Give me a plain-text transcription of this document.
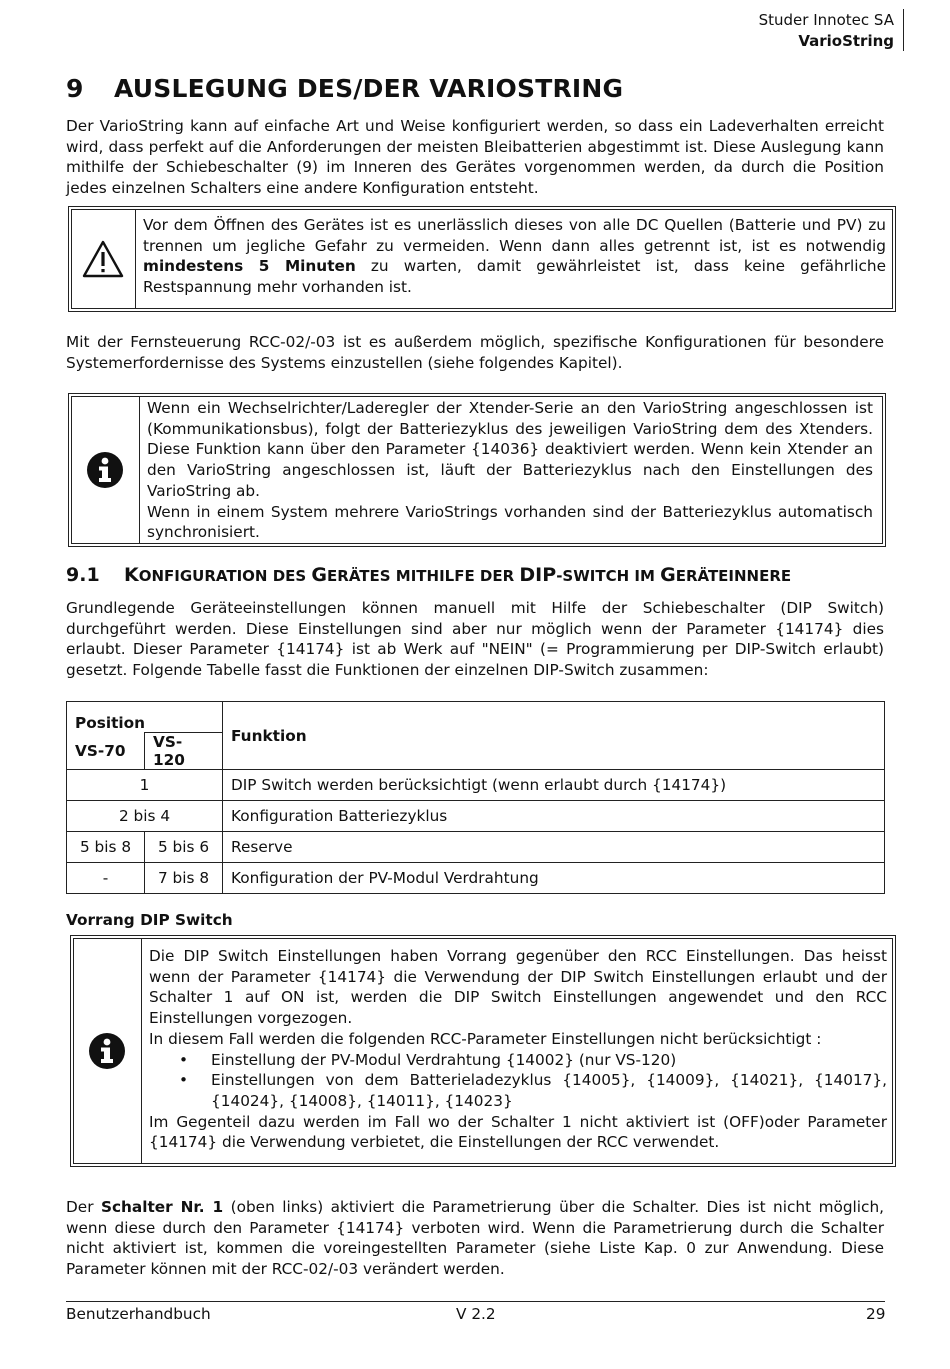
Studer Innotec SA
VarioString
9 AUSLEGUNG DES/DER VARIOSTRING

Der VarioString kann auf einfache Art und Weise konfiguriert werden, so dass ein Ladeverhalten erreicht wird, dass perfekt auf die Anforderungen der meisten Bleibatterien abgestimmt ist. Diese Auslegung kann mithilfe der Schiebeschalter (9) im Inneren des Gerätes vorgenommen werden, da durch die Position jedes einzelnen Schalters eine andere Konfiguration entsteht.

Vor dem Öffnen des Gerätes ist es unerlässlich dieses von alle DC Quellen (Batterie und PV) zu trennen um jegliche Gefahr zu vermeiden. Wenn dann alles getrennt ist, ist es notwendig mindestens 5 Minuten zu warten, damit gewährleistet ist, dass keine gefährliche Restspannung mehr vorhanden ist.

Mit der Fernsteuerung RCC-02/-03 ist es außerdem möglich, spezifische Konfigurationen für besondere Systemerfordernisse des Systems einzustellen (siehe folgendes Kapitel).

Wenn ein Wechselrichter/Laderegler der Xtender-Serie an den VarioString angeschlossen ist (Kommunikationsbus), folgt der Batteriezyklus des jeweiligen VarioString dem des Xtenders. Diese Funktion kann über den Parameter {14036} deaktiviert werden. Wenn kein Xtender an den VarioString angeschlossen ist, läuft der Batteriezyklus nach den Einstellungen des VarioString ab.
Wenn in einem System mehrere VarioStrings vorhanden sind der Batteriezyklus automatisch synchronisiert.
9.1 KONFIGURATION DES GERÄTES MITHILFE DER DIP-SWITCH IM GERÄTEINNERE

Grundlegende Geräteeinstellungen können manuell mit Hilfe der Schiebeschalter (DIP Switch) durchgeführt werden. Diese Einstellungen sind aber nur möglich wenn der Parameter {14174} dies erlaubt. Dieser Parameter {14174} ist ab Werk auf "NEIN" (= Programmierung per DIP-Switch erlaubt) gesetzt. Folgende Tabelle fasst die Funktionen der einzelnen DIP-Switch zusammen:

Position		Funktion
VS-70	VS-120	
1		DIP Switch werden berücksichtigt (wenn erlaubt durch {14174})
2 bis 4		Konfiguration Batteriezyklus
5 bis 8	5 bis 6	Reserve
-	7 bis 8	Konfiguration der PV-Modul Verdrahtung
Vorrang DIP Switch
Die DIP Switch Einstellungen haben Vorrang gegenüber den RCC Einstellungen. Das heisst wenn der Parameter {14174} die Verwendung der DIP Switch Einstellungen erlaubt und der Schalter 1 auf ON ist, werden die DIP Switch Einstellungen angewendet und den RCC Einstellungen vorgezogen.
In diesem Fall werden die folgenden RCC-Parameter Einstellungen nicht berücksichtigt :
• Einstellung der PV-Modul Verdrahtung {14002} (nur VS-120)
• Einstellungen von dem Batterieladezyklus {14005}, {14009}, {14021}, {14017}, {14024}, {14008}, {14011}, {14023}
Im Gegenteil dazu werden im Fall wo der Schalter 1 nicht aktiviert ist (OFF)oder Parameter {14174} die Verwendung verbietet, die Einstellungen der RCC verwendet.

Der Schalter Nr. 1 (oben links) aktiviert die Parametrierung über die Schalter. Dies ist nicht möglich, wenn diese durch den Parameter {14174} verboten wird. Wenn die Parametrierung durch die Schalter nicht aktiviert ist, kommen die voreingestellten Parameter (siehe Liste Kap. 0 zur Anwendung. Diese Parameter können mit der RCC-02/-03 verändert werden.

Benutzerhandbuch	V 2.2	29
